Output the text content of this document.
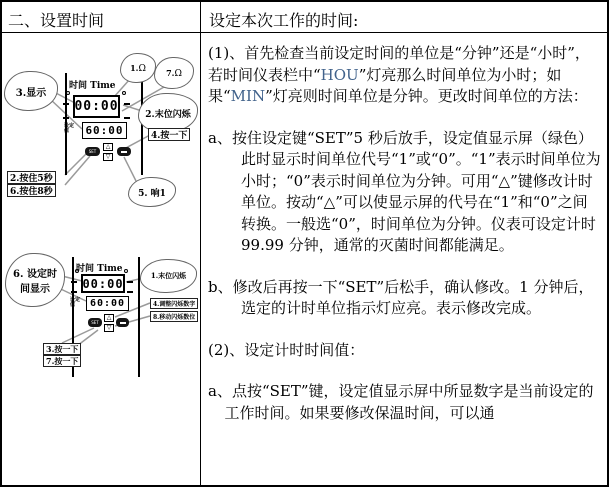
二、设置时间	设定本次工作的时间:
时间 Time
00:00
60:00
设定值
SET
△
▽
3.显示
1.Ω	7.Ω
2.末位闪烁
4.按一下
2.按住5秒
6.按住8秒	5. 响1
6. 设定时
间显示
时间 Time
00:00
60:00
设定值
1.末位闪烁
4.调整闪烁数字
8.移动闪烁数位
SET
△
▽
3.按一下
7.按一下

(1)、首先检查当前设定时间的单位是“分钟”还是“小时”，若时间仪表栏中“HOU”灯亮那么时间单位为小时；如果“MIN”灯亮则时间单位是分钟。更改时间单位的方法：

a、按住设定键“SET”5 秒后放手，设定值显示屏（绿色）此时显示时间单位代号“1”或“0”。“1”表示时间单位为小时；“0”表示时间单位为分钟。可用“△”键修改计时单位。按动“△”可以使显示屏的代号在“1”和“0”之间转换。一般选“0”，时间单位为分钟。仪表可设定计时 99.99 分钟，通常的灭菌时间都能满足。

b、修改后再按一下“SET”后松手，确认修改。1 分钟后，选定的计时单位指示灯应亮。表示修改完成。

(2)、设定计时时间值：

a、点按“SET”键，设定值显示屏中所显数字是当前设定的工作时间。如果要修改保温时间，可以通
